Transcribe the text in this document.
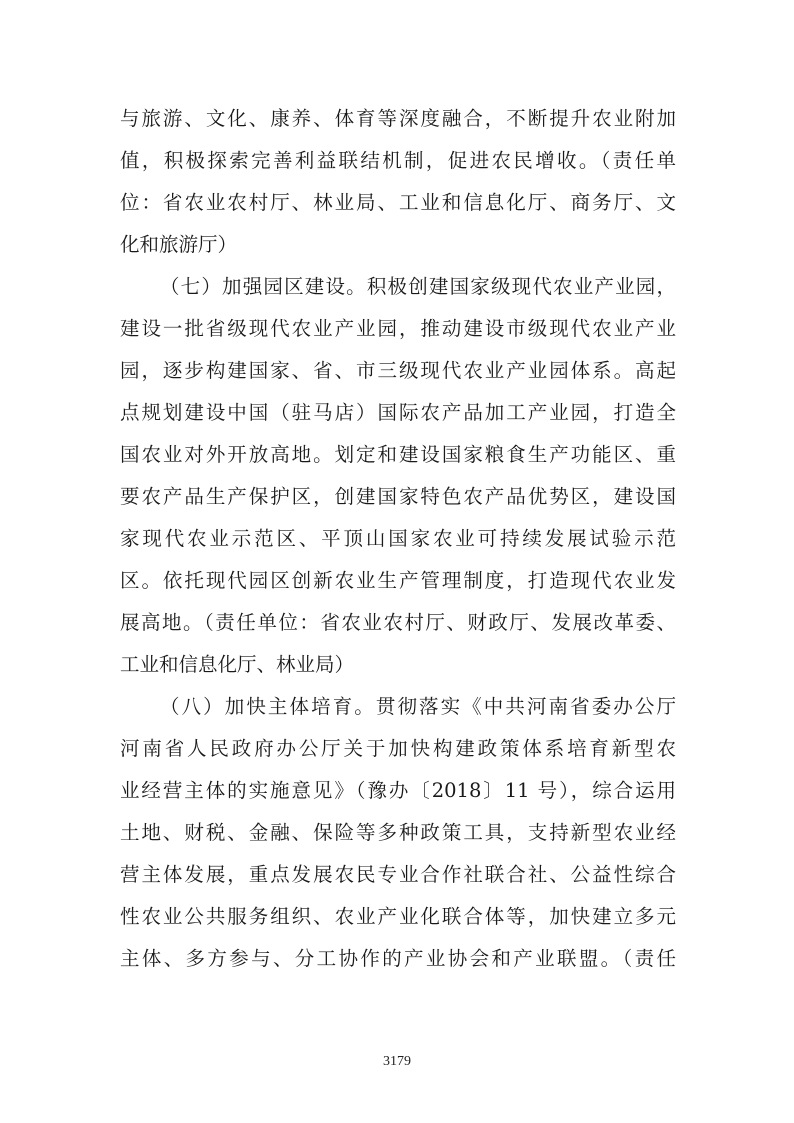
与旅游、文化、康养、体育等深度融合，不断提升农业附加
值，积极探索完善利益联结机制，促进农民增收。（责任单
位：省农业农村厅、林业局、工业和信息化厅、商务厅、文
化和旅游厅）
（七）加强园区建设。积极创建国家级现代农业产业园，
建设一批省级现代农业产业园，推动建设市级现代农业产业
园，逐步构建国家、省、市三级现代农业产业园体系。高起
点规划建设中国（驻马店）国际农产品加工产业园，打造全
国农业对外开放高地。划定和建设国家粮食生产功能区、重
要农产品生产保护区，创建国家特色农产品优势区，建设国
家现代农业示范区、平顶山国家农业可持续发展试验示范
区。依托现代园区创新农业生产管理制度，打造现代农业发
展高地。（责任单位：省农业农村厅、财政厅、发展改革委、
工业和信息化厅、林业局）
（八）加快主体培育。贯彻落实《中共河南省委办公厅
河南省人民政府办公厅关于加快构建政策体系培育新型农
业经营主体的实施意见》（豫办〔2018〕11 号），综合运用
土地、财税、金融、保险等多种政策工具，支持新型农业经
营主体发展，重点发展农民专业合作社联合社、公益性综合
性农业公共服务组织、农业产业化联合体等，加快建立多元
主体、多方参与、分工协作的产业协会和产业联盟。（责任
3179
